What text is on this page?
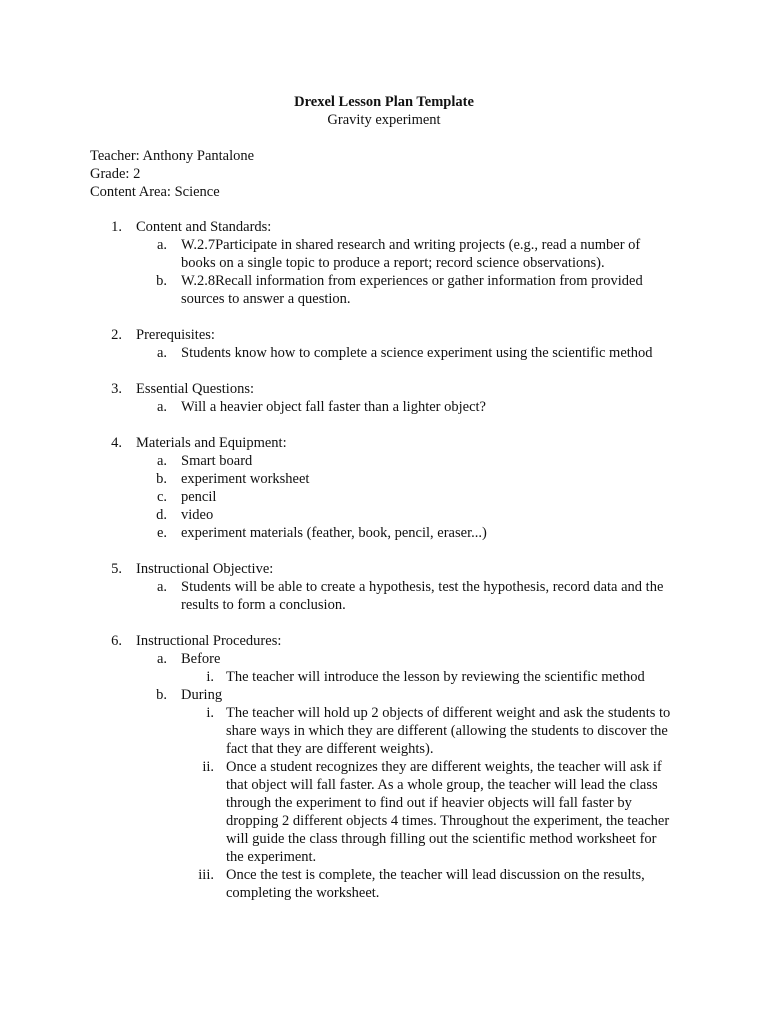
Drexel Lesson Plan Template
Gravity experiment
Teacher: Anthony Pantalone
Grade: 2
Content Area: Science
1. Content and Standards:
a. W.2.7Participate in shared research and writing projects (e.g., read a number of books on a single topic to produce a report; record science observations).
b. W.2.8Recall information from experiences or gather information from provided sources to answer a question.
2. Prerequisites:
a. Students know how to complete a science experiment using the scientific method
3. Essential Questions:
a. Will a heavier object fall faster than a lighter object?
4. Materials and Equipment:
a. Smart board
b. experiment worksheet
c. pencil
d. video
e. experiment materials (feather, book, pencil, eraser...)
5. Instructional Objective:
a. Students will be able to create a hypothesis, test the hypothesis, record data and the results to form a conclusion.
6. Instructional Procedures:
a. Before
i. The teacher will introduce the lesson by reviewing the scientific method
b. During
i. The teacher will hold up 2 objects of different weight and ask the students to share ways in which they are different (allowing the students to discover the fact that they are different weights).
ii. Once a student recognizes they are different weights, the teacher will ask if that object will fall faster. As a whole group, the teacher will lead the class through the experiment to find out if heavier objects will fall faster by dropping 2 different objects 4 times. Throughout the experiment, the teacher will guide the class through filling out the scientific method worksheet for the experiment.
iii. Once the test is complete, the teacher will lead discussion on the results, completing the worksheet.
